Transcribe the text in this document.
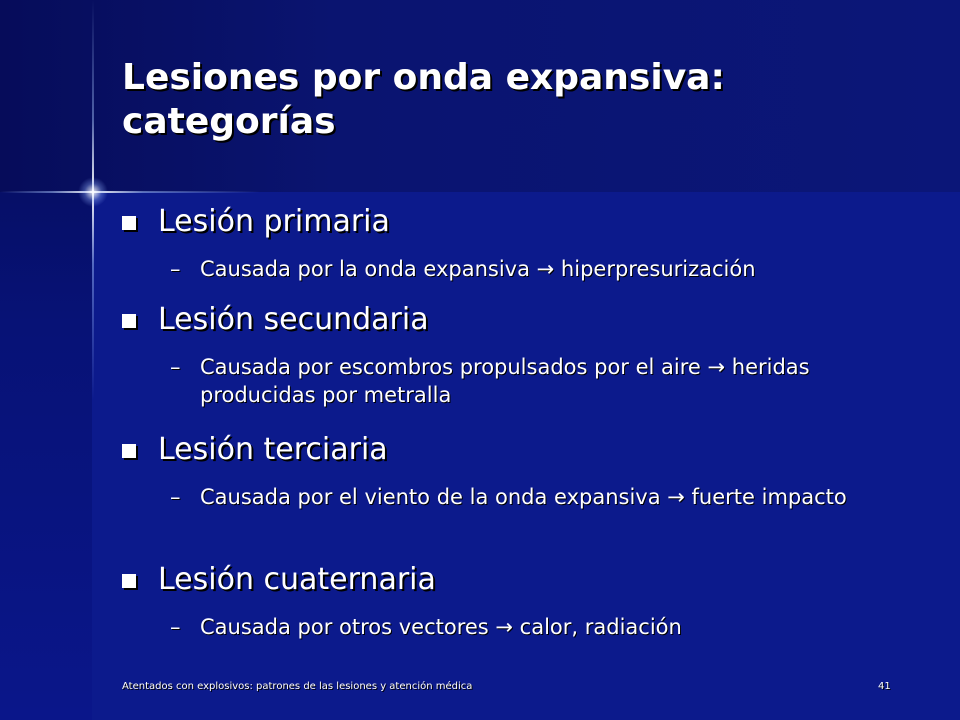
Lesiones por onda expansiva:
categorías
Lesión primaria
– Causada por la onda expansiva → hiperpresurización
Lesión secundaria
– Causada por escombros propulsados por el aire → heridas producidas por metralla
Lesión terciaria
– Causada por el viento de la onda expansiva → fuerte impacto
Lesión cuaternaria
– Causada por otros vectores → calor, radiación
Atentados con explosivos: patrones de las lesiones y atención médica	41
